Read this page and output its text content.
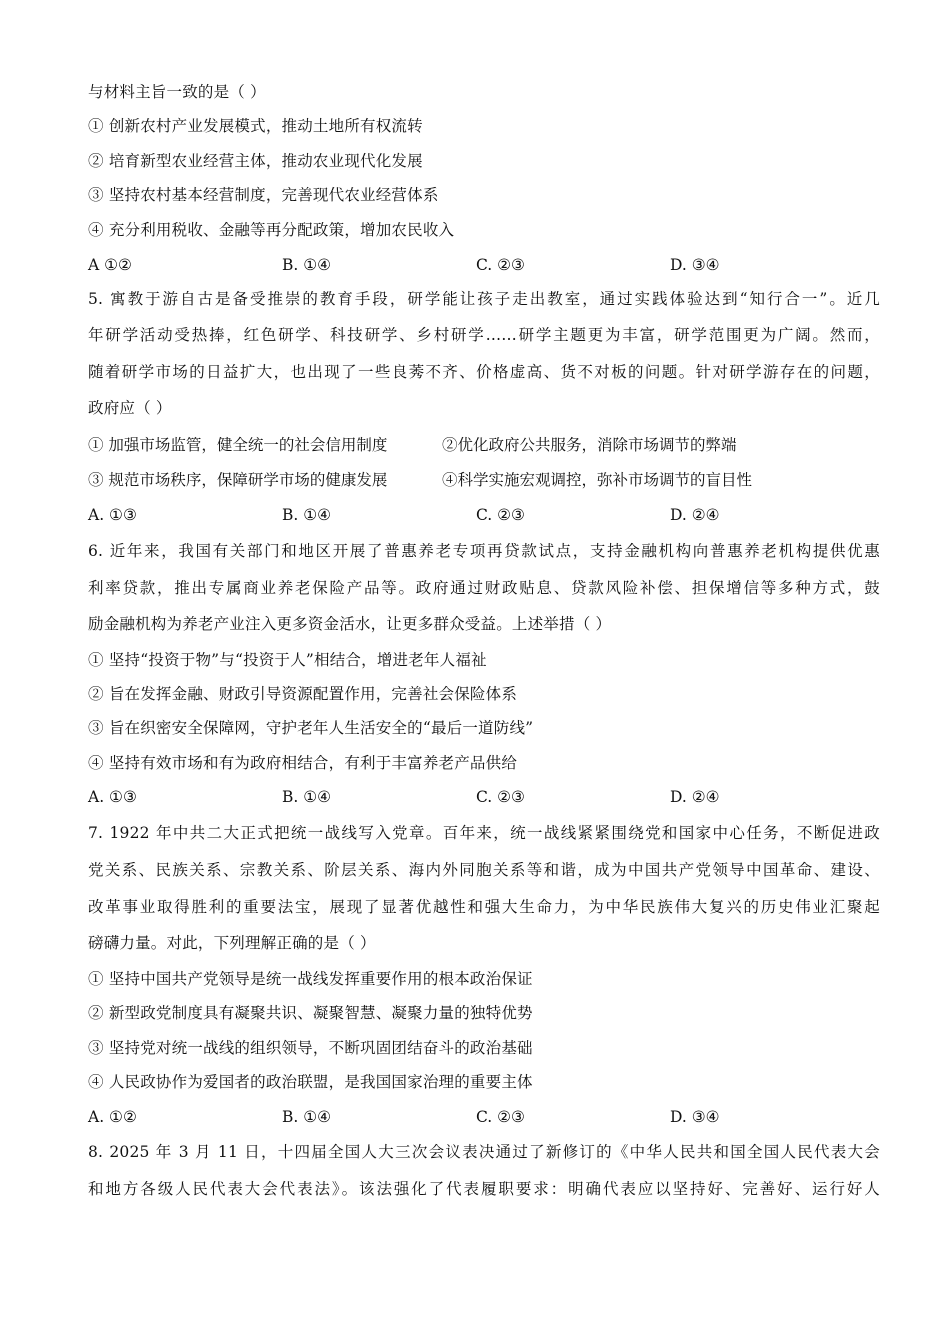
与材料主旨一致的是（ ）
① 创新农村产业发展模式，推动土地所有权流转
② 培育新型农业经营主体，推动农业现代化发展
③ 坚持农村基本经营制度，完善现代农业经营体系
④ 充分利用税收、金融等再分配政策，增加农民收入
A ①②	B. ①④	C. ②③	D. ③④
5. 寓教于游自古是备受推崇的教育手段，研学能让孩子走出教室，通过实践体验达到“知行合一”。近几
年研学活动受热捧，红色研学、科技研学、乡村研学……研学主题更为丰富，研学范围更为广阔。然而，
随着研学市场的日益扩大，也出现了一些良莠不齐、价格虚高、货不对板的问题。针对研学游存在的问题，
政府应（ ）
① 加强市场监管，健全统一的社会信用制度	②优化政府公共服务，消除市场调节的弊端
③ 规范市场秩序，保障研学市场的健康发展	④科学实施宏观调控，弥补市场调节的盲目性
A. ①③	B. ①④	C. ②③	D. ②④
6. 近年来，我国有关部门和地区开展了普惠养老专项再贷款试点，支持金融机构向普惠养老机构提供优惠
利率贷款，推出专属商业养老保险产品等。政府通过财政贴息、贷款风险补偿、担保增信等多种方式，鼓
励金融机构为养老产业注入更多资金活水，让更多群众受益。上述举措（ ）
① 坚持“投资于物”与“投资于人”相结合，增进老年人福祉
② 旨在发挥金融、财政引导资源配置作用，完善社会保险体系
③ 旨在织密安全保障网，守护老年人生活安全的“最后一道防线”
④ 坚持有效市场和有为政府相结合，有利于丰富养老产品供给
A. ①③	B. ①④	C. ②③	D. ②④
7. 1922 年中共二大正式把统一战线写入党章。百年来，统一战线紧紧围绕党和国家中心任务，不断促进政
党关系、民族关系、宗教关系、阶层关系、海内外同胞关系等和谐，成为中国共产党领导中国革命、建设、
改革事业取得胜利的重要法宝，展现了显著优越性和强大生命力，为中华民族伟大复兴的历史伟业汇聚起
磅礴力量。对此，下列理解正确的是（ ）
① 坚持中国共产党领导是统一战线发挥重要作用的根本政治保证
② 新型政党制度具有凝聚共识、凝聚智慧、凝聚力量的独特优势
③ 坚持党对统一战线的组织领导，不断巩固团结奋斗的政治基础
④ 人民政协作为爱国者的政治联盟，是我国国家治理的重要主体
A. ①②	B. ①④	C. ②③	D. ③④
8. 2025 年 3 月 11 日，十四届全国人大三次会议表决通过了新修订的《中华人民共和国全国人民代表大会
和地方各级人民代表大会代表法》。该法强化了代表履职要求：明确代表应以坚持好、完善好、运行好人
